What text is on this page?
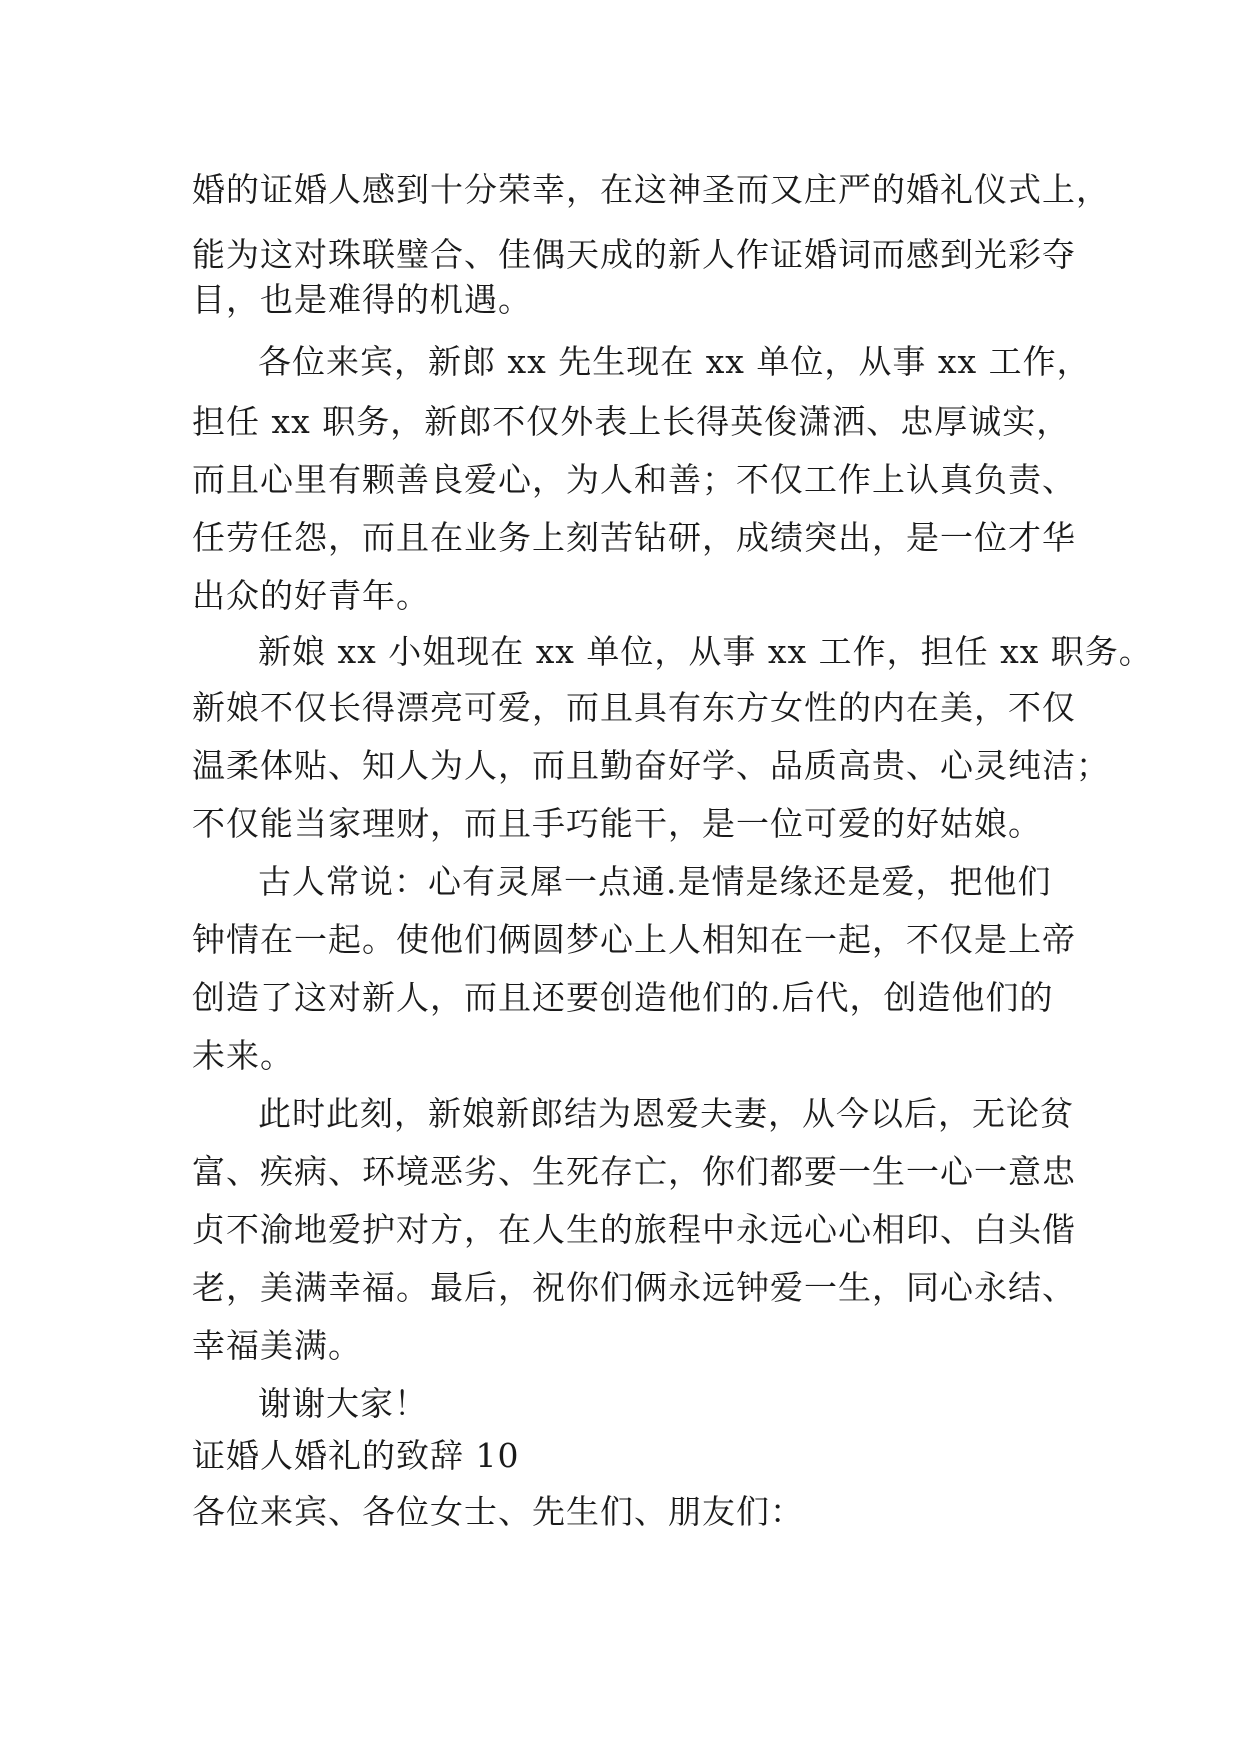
婚的证婚人感到十分荣幸，在这神圣而又庄严的婚礼仪式上，
能为这对珠联璧合、佳偶天成的新人作证婚词而感到光彩夺
目，也是难得的机遇。
各位来宾，新郎 xx 先生现在 xx 单位，从事 xx 工作，
担任 xx 职务，新郎不仅外表上长得英俊潇洒、忠厚诚实，
而且心里有颗善良爱心，为人和善；不仅工作上认真负责、
任劳任怨，而且在业务上刻苦钻研，成绩突出，是一位才华
出众的好青年。
新娘 xx 小姐现在 xx 单位，从事 xx 工作，担任 xx 职务。
新娘不仅长得漂亮可爱，而且具有东方女性的内在美，不仅
温柔体贴、知人为人，而且勤奋好学、品质高贵、心灵纯洁；
不仅能当家理财，而且手巧能干，是一位可爱的好姑娘。
古人常说：心有灵犀一点通.是情是缘还是爱，把他们
钟情在一起。使他们俩圆梦心上人相知在一起，不仅是上帝
创造了这对新人，而且还要创造他们的.后代，创造他们的
未来。
此时此刻，新娘新郎结为恩爱夫妻，从今以后，无论贫
富、疾病、环境恶劣、生死存亡，你们都要一生一心一意忠
贞不渝地爱护对方，在人生的旅程中永远心心相印、白头偕
老，美满幸福。最后，祝你们俩永远钟爱一生，同心永结、
幸福美满。
谢谢大家！
证婚人婚礼的致辞 10
各位来宾、各位女士、先生们、朋友们：
